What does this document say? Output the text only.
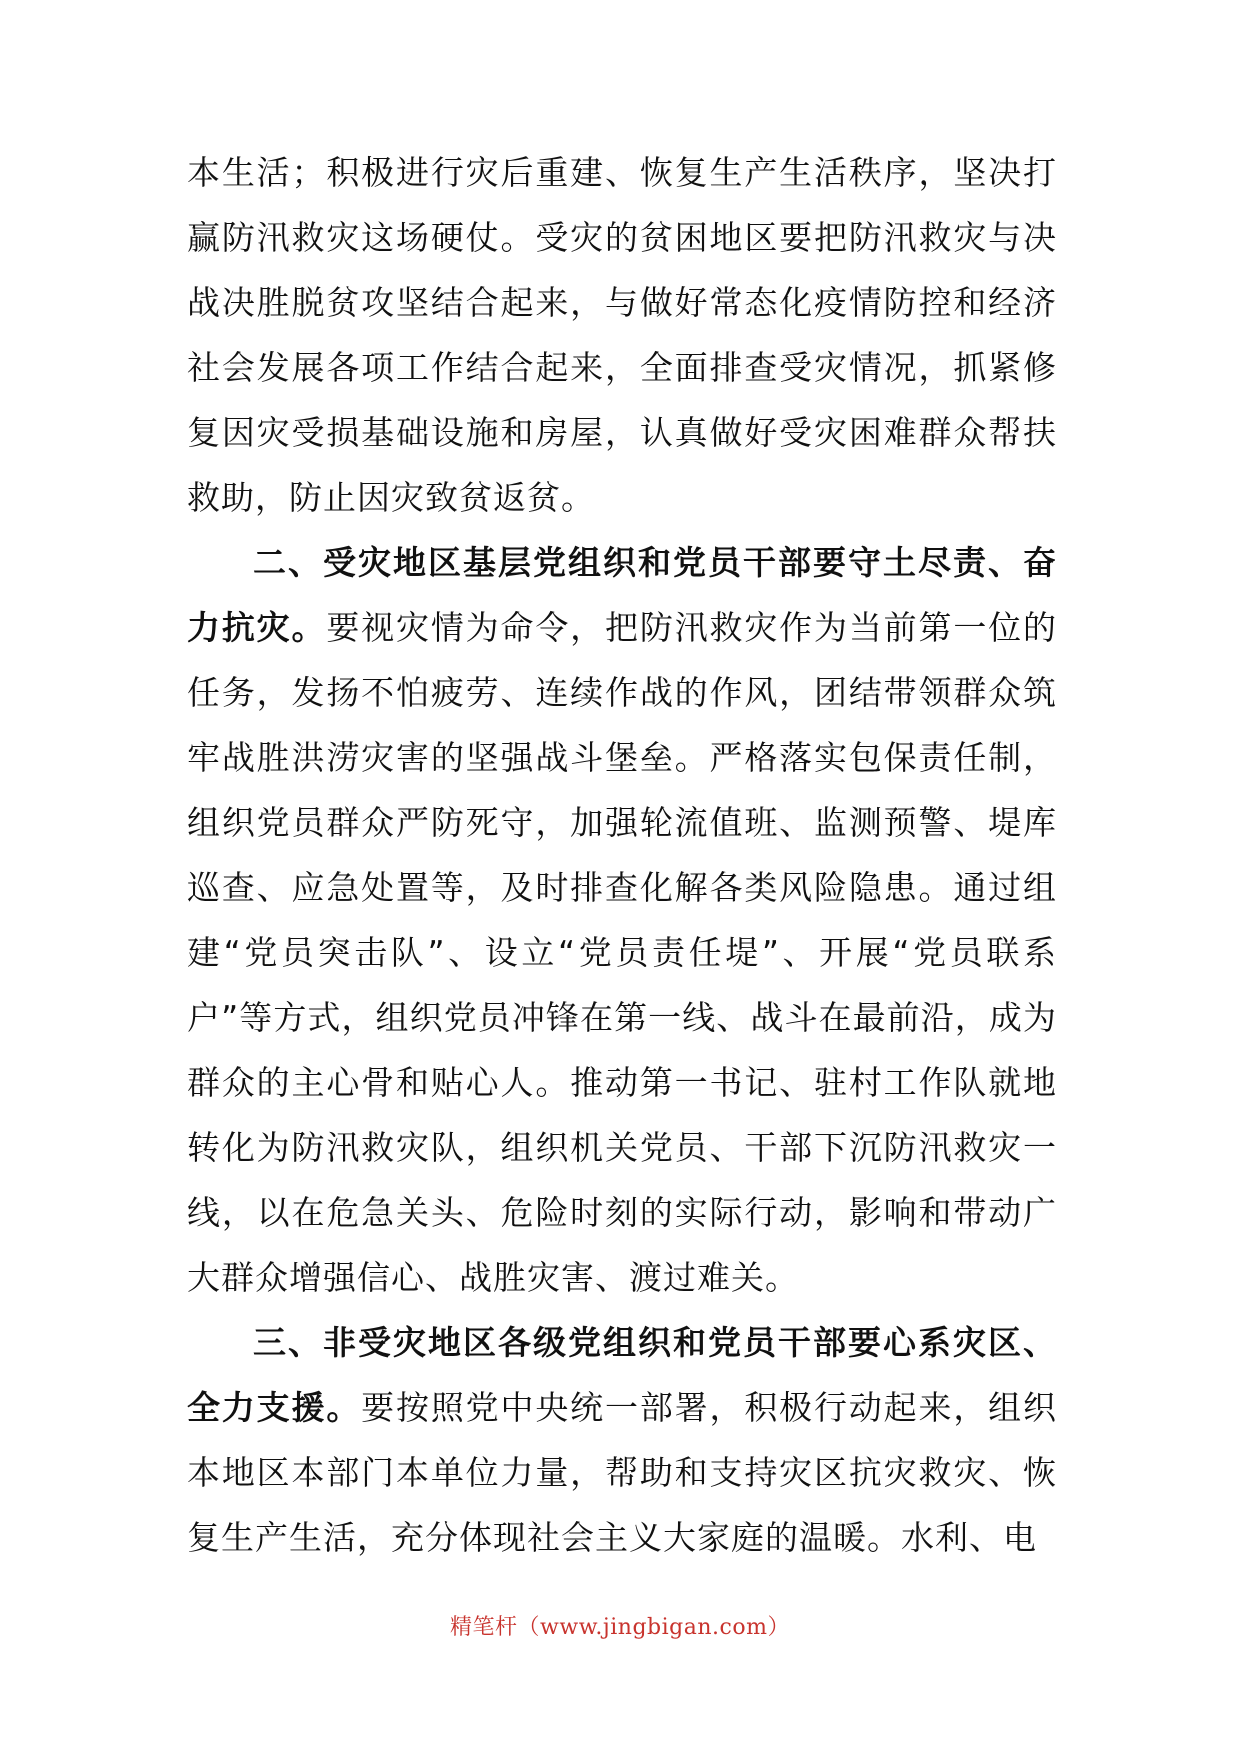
本生活；积极进行灾后重建、恢复生产生活秩序，坚决打赢防汛救灾这场硬仗。受灾的贫困地区要把防汛救灾与决战决胜脱贫攻坚结合起来，与做好常态化疫情防控和经济社会发展各项工作结合起来，全面排查受灾情况，抓紧修复因灾受损基础设施和房屋，认真做好受灾困难群众帮扶救助，防止因灾致贫返贫。

二、受灾地区基层党组织和党员干部要守土尽责、奋力抗灾。要视灾情为命令，把防汛救灾作为当前第一位的任务，发扬不怕疲劳、连续作战的作风，团结带领群众筑牢战胜洪涝灾害的坚强战斗堡垒。严格落实包保责任制，组织党员群众严防死守，加强轮流值班、监测预警、堤库巡查、应急处置等，及时排查化解各类风险隐患。通过组建“党员突击队”、设立“党员责任堤”、开展“党员联系户”等方式，组织党员冲锋在第一线、战斗在最前沿，成为群众的主心骨和贴心人。推动第一书记、驻村工作队就地转化为防汛救灾队，组织机关党员、干部下沉防汛救灾一线，以在危急关头、危险时刻的实际行动，影响和带动广大群众增强信心、战胜灾害、渡过难关。

三、非受灾地区各级党组织和党员干部要心系灾区、全力支援。要按照党中央统一部署，积极行动起来，组织本地区本部门本单位力量，帮助和支持灾区抗灾救灾、恢复生产生活，充分体现社会主义大家庭的温暖。水利、电

精笔杆（www.jingbigan.com）
